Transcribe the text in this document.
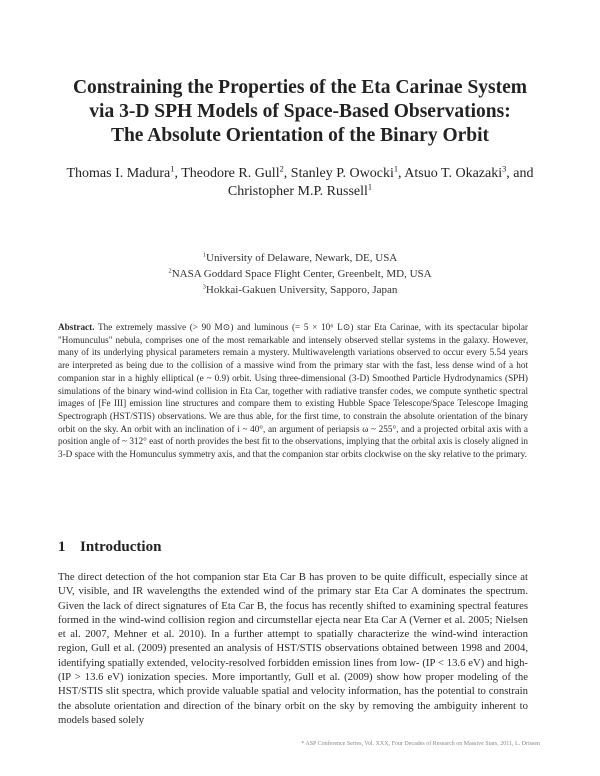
Constraining the Properties of the Eta Carinae System
via 3-D SPH Models of Space-Based Observations:
The Absolute Orientation of the Binary Orbit
Thomas I. Madura$^1$, Theodore R. Gull$^2$, Stanley P. Owocki$^1$, Atsuo T. Okazaki$^3$, and
Christopher M.P. Russell$^1$
$^1$University of Delaware, Newark, DE, USA
$^2$NASA Goddard Space Flight Center, Greenbelt, MD, USA
$^3$Hokkai-Gakuen University, Sapporo, Japan
Abstract. The extremely massive (> 90 M⊙) and luminous (= 5 × 10⁶ L⊙) star Eta Carinae, with its spectacular bipolar "Homunculus" nebula, comprises one of the most remarkable and intensely observed stellar systems in the galaxy. However, many of its underlying physical parameters remain a mystery. Multiwavelength variations observed to occur every 5.54 years are interpreted as being due to the collision of a massive wind from the primary star with the fast, less dense wind of a hot companion star in a highly elliptical (e ~ 0.9) orbit. Using three-dimensional (3-D) Smoothed Particle Hydrodynamics (SPH) simulations of the binary wind-wind collision in Eta Car, together with radiative transfer codes, we compute synthetic spectral images of [Fe III] emission line structures and compare them to existing Hubble Space Telescope/Space Telescope Imaging Spectrograph (HST/STIS) observations. We are thus able, for the first time, to constrain the absolute orientation of the binary orbit on the sky. An orbit with an inclination of i ~ 40°, an argument of periapsis ω ~ 255°, and a projected orbital axis with a position angle of ~ 312° east of north provides the best fit to the observations, implying that the orbital axis is closely aligned in 3-D space with the Homunculus symmetry axis, and that the companion star orbits clockwise on the sky relative to the primary.
1 Introduction
The direct detection of the hot companion star Eta Car B has proven to be quite difficult, especially since at UV, visible, and IR wavelengths the extended wind of the primary star Eta Car A dominates the spectrum. Given the lack of direct signatures of Eta Car B, the focus has recently shifted to examining spectral features formed in the wind-wind collision region and circumstellar ejecta near Eta Car A (Verner et al. 2005; Nielsen et al. 2007, Mehner et al. 2010). In a further attempt to spatially characterize the wind-wind interaction region, Gull et al. (2009) presented an analysis of HST/STIS observations obtained between 1998 and 2004, identifying spatially extended, velocity-resolved forbidden emission lines from low- (IP < 13.6 eV) and high- (IP > 13.6 eV) ionization species. More importantly, Gull et al. (2009) show how proper modeling of the HST/STIS slit spectra, which provide valuable spatial and velocity information, has the potential to constrain the absolute orientation and direction of the binary orbit on the sky by removing the ambiguity inherent to models based solely
* ASP Conference Series, Vol. XXX, Four Decades of Research on Massive Stars, 2011, L. Drissen
